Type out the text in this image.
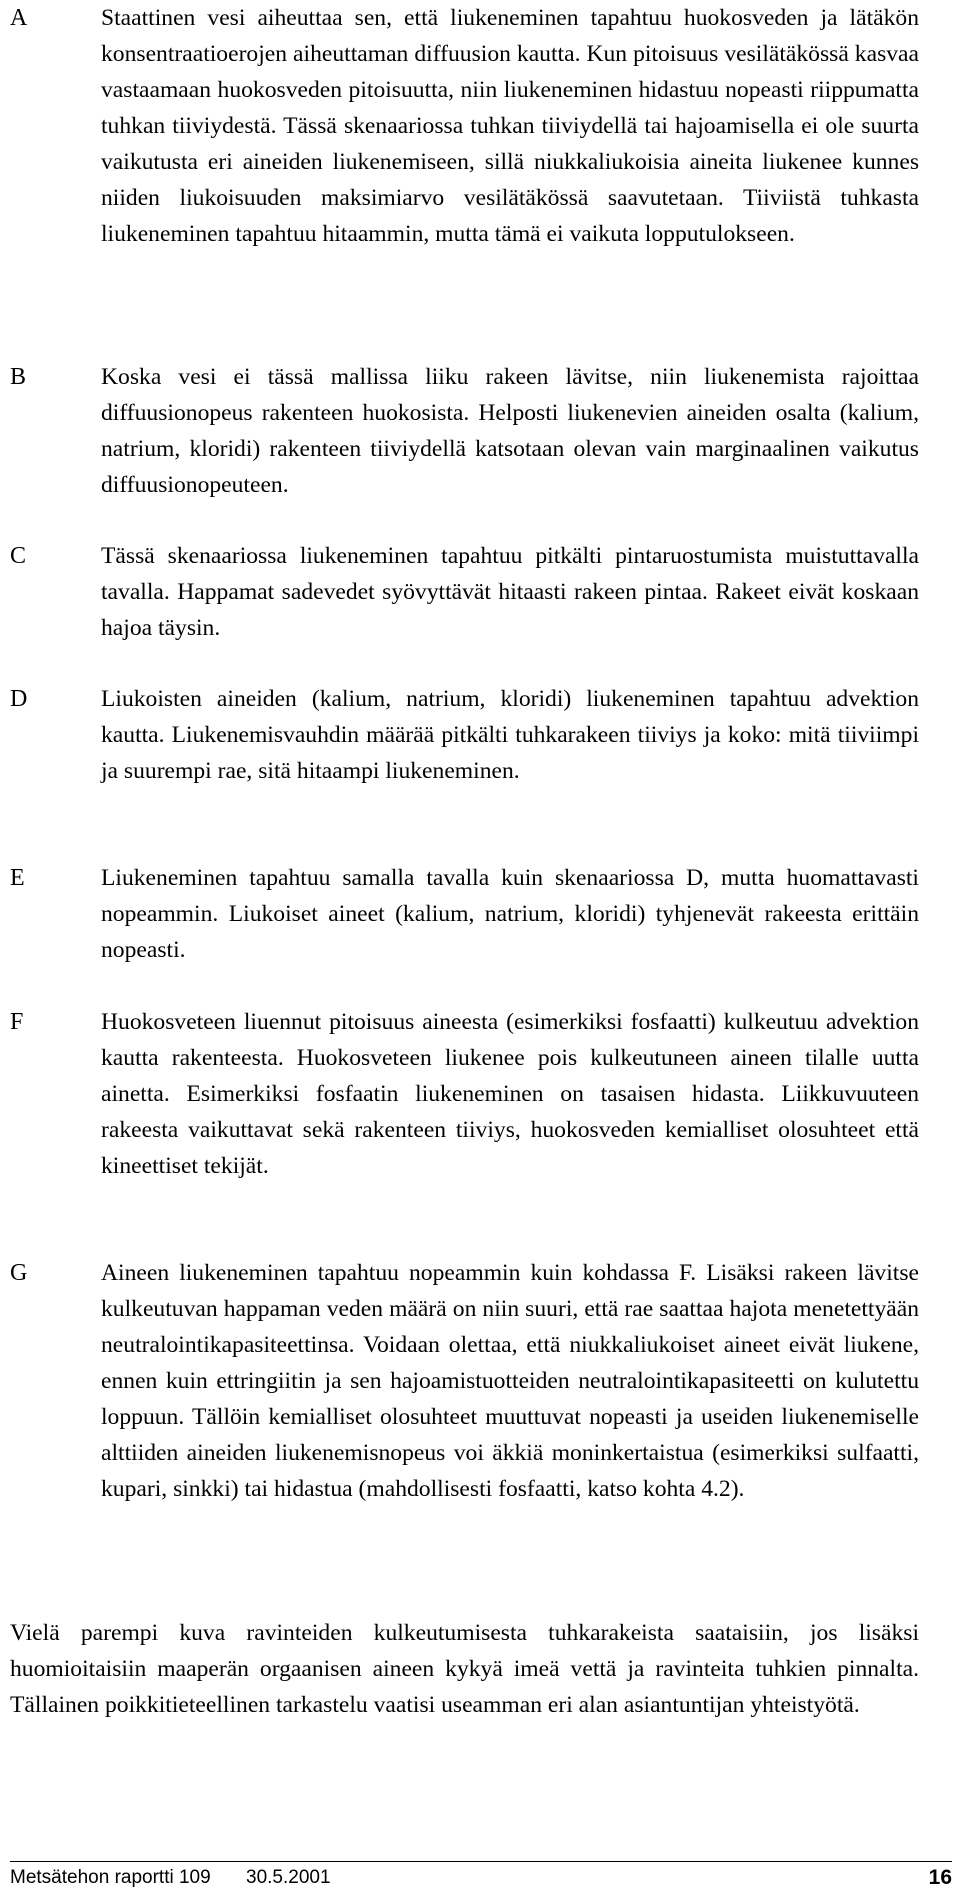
A	Staattinen vesi aiheuttaa sen, että liukeneminen tapahtuu huokosveden ja lätäkön konsentraatioerojen aiheuttaman diffuusion kautta. Kun pitoisuus vesilätäkössä kasvaa vastaamaan huokosveden pitoisuutta, niin liukeneminen hidastuu nopeasti riippumatta tuhkan tiiviydestä. Tässä skenaariossa tuhkan tiiviydellä tai hajoamisella ei ole suurta vaikutusta eri aineiden liukenemiseen, sillä niukkaliukoisia aineita liukenee kunnes niiden liukoisuuden maksimiarvo vesilätäkössä saavutetaan. Tiiviistä tuhkasta liukeneminen tapahtuu hitaammin, mutta tämä ei vaikuta lopputulokseen.
B	Koska vesi ei tässä mallissa liiku rakeen lävitse, niin liukenemista rajoittaa diffuusionopeus rakenteen huokosista. Helposti liukenevien aineiden osalta (kalium, natrium, kloridi) rakenteen tiiviydellä katsotaan olevan vain marginaalinen vaikutus diffuusionopeuteen.
C	Tässä skenaariossa liukeneminen tapahtuu pitkälti pintaruostumista muistuttavalla tavalla. Happamat sadevedet syövyttävät hitaasti rakeen pintaa. Rakeet eivät koskaan hajoa täysin.
D	Liukoisten aineiden (kalium, natrium, kloridi) liukeneminen tapahtuu advektion kautta. Liukenemisvauhdin määrää pitkälti tuhkarakeen tiiviys ja koko: mitä tiiviimpi ja suurempi rae, sitä hitaampi liukeneminen.
E	Liukeneminen tapahtuu samalla tavalla kuin skenaariossa D, mutta huomattavasti nopeammin. Liukoiset aineet (kalium, natrium, kloridi) tyhjenevät rakeesta erittäin nopeasti.
F	Huokosveteen liuennut pitoisuus aineesta (esimerkiksi fosfaatti) kulkeutuu advektion kautta rakenteesta. Huokosveteen liukenee pois kulkeutuneen aineen tilalle uutta ainetta. Esimerkiksi fosfaatin liukeneminen on tasaisen hidasta. Liikkuvuuteen rakeesta vaikuttavat sekä rakenteen tiiviys, huokosveden kemialliset olosuhteet että kineettiset tekijät.
G	Aineen liukeneminen tapahtuu nopeammin kuin kohdassa F. Lisäksi rakeen lävitse kulkeutuvan happaman veden määrä on niin suuri, että rae saattaa hajota menetettyään neutralointikapasiteettinsa. Voidaan olettaa, että niukkaliukoiset aineet eivät liukene, ennen kuin ettringiitin ja sen hajoamistuotteiden neutralointikapasiteetti on kulutettu loppuun. Tällöin kemialliset olosuhteet muuttuvat nopeasti ja useiden liukenemiselle alttiiden aineiden liukenemisnopeus voi äkkiä moninkertaistua (esimerkiksi sulfaatti, kupari, sinkki) tai hidastua (mahdollisesti fosfaatti, katso kohta 4.2).
Vielä parempi kuva ravinteiden kulkeutumisesta tuhkarakeista saataisiin, jos lisäksi huomioitaisiin maaperän orgaanisen aineen kykyä imeä vettä ja ravinteita tuhkien pinnalta. Tällainen poikkitieteellinen tarkastelu vaatisi useamman eri alan asiantuntijan yhteistyötä.
Metsätehon raportti 109 30.5.2001	16
